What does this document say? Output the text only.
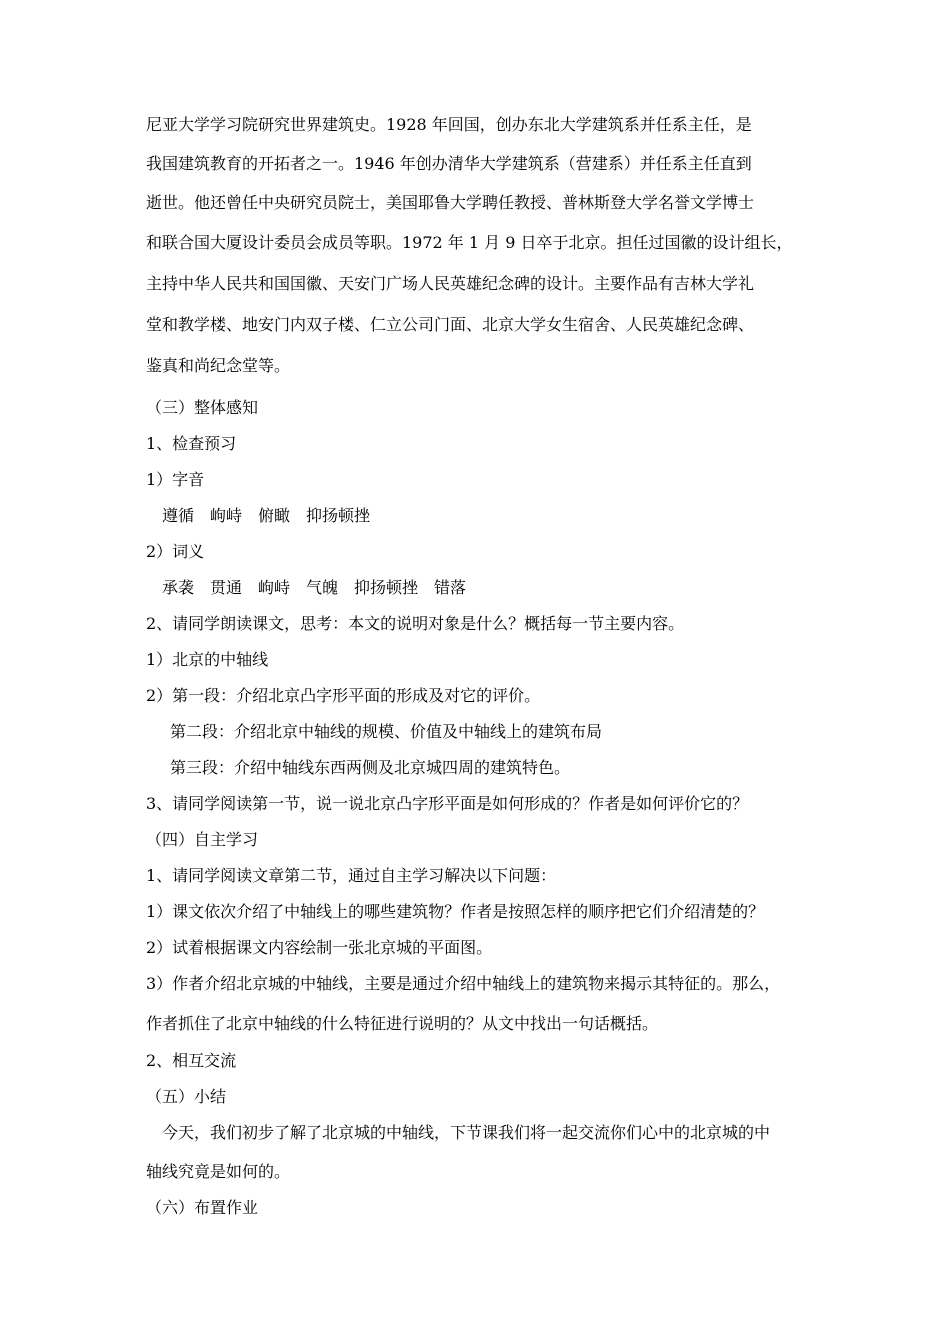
尼亚大学学习院研究世界建筑史。1928 年回国，创办东北大学建筑系并任系主任，是
我国建筑教育的开拓者之一。1946 年创办清华大学建筑系（营建系）并任系主任直到
逝世。他还曾任中央研究员院士，美国耶鲁大学聘任教授、普林斯登大学名誉文学博士
和联合国大厦设计委员会成员等职。1972 年 1 月 9 日卒于北京。担任过国徽的设计组长，
主持中华人民共和国国徽、天安门广场人民英雄纪念碑的设计。主要作品有吉林大学礼
堂和教学楼、地安门内双子楼、仁立公司门面、北京大学女生宿舍、人民英雄纪念碑、
鉴真和尚纪念堂等。
（三）整体感知
1、检查预习
1）字音
遵循　岣峙　俯瞰　抑扬顿挫
2）词义
承袭　贯通　岣峙　气魄　抑扬顿挫　错落
2、请同学朗读课文，思考：本文的说明对象是什么？概括每一节主要内容。
1）北京的中轴线
2）第一段：介绍北京凸字形平面的形成及对它的评价。
第二段：介绍北京中轴线的规模、价值及中轴线上的建筑布局
第三段：介绍中轴线东西两侧及北京城四周的建筑特色。
3、请同学阅读第一节，说一说北京凸字形平面是如何形成的？作者是如何评价它的？
（四）自主学习
1、请同学阅读文章第二节，通过自主学习解决以下问题：
1）课文依次介绍了中轴线上的哪些建筑物？作者是按照怎样的顺序把它们介绍清楚的？
2）试着根据课文内容绘制一张北京城的平面图。
3）作者介绍北京城的中轴线，主要是通过介绍中轴线上的建筑物来揭示其特征的。那么，
作者抓住了北京中轴线的什么特征进行说明的？从文中找出一句话概括。
2、相互交流
（五）小结
今天，我们初步了解了北京城的中轴线，下节课我们将一起交流你们心中的北京城的中
轴线究竟是如何的。
（六）布置作业
